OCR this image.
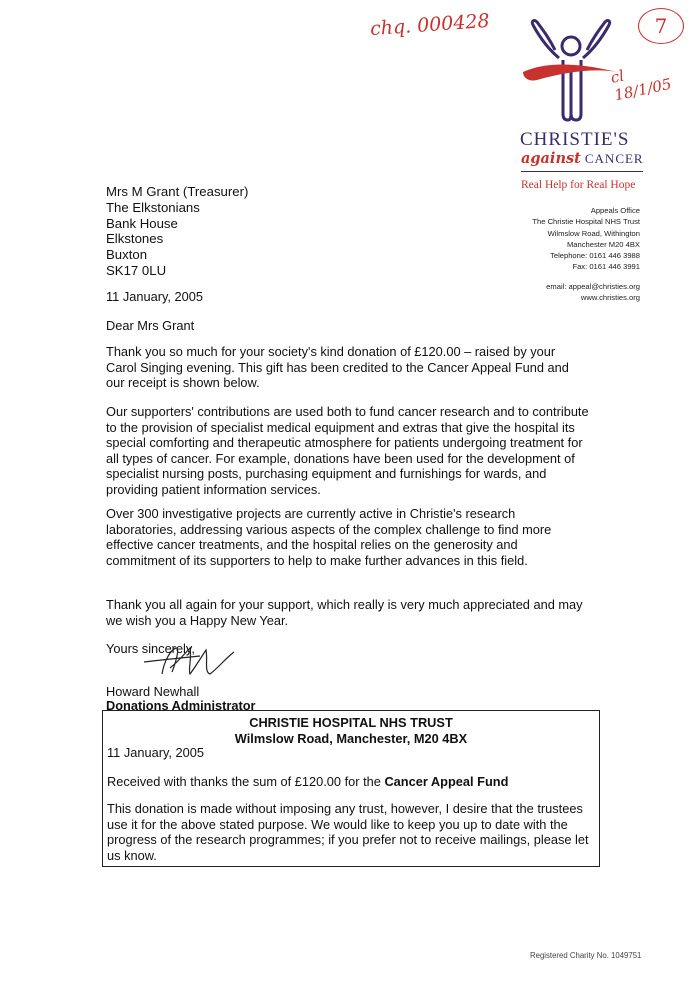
chq. 000428	7
cl 18/1/05
CHRISTIE'S
against CANCER
Real Help for Real Hope
Appeals Office
The Christie Hospital NHS Trust
Wilmslow Road, Withington
Manchester M20 4BX
Telephone: 0161 446 3988
Fax: 0161 446 3991
email: appeal@christies.org
www.christies.org
Mrs M Grant (Treasurer)
The Elkstonians
Bank House
Elkstones
Buxton
SK17 0LU
11 January, 2005
Dear Mrs Grant
Thank you so much for your society's kind donation of £120.00 – raised by your
Carol Singing evening. This gift has been credited to the Cancer Appeal Fund and
our receipt is shown below.
Our supporters' contributions are used both to fund cancer research and to contribute
to the provision of specialist medical equipment and extras that give the hospital its
special comforting and therapeutic atmosphere for patients undergoing treatment for
all types of cancer. For example, donations have been used for the development of
specialist nursing posts, purchasing equipment and furnishings for wards, and
providing patient information services.
Over 300 investigative projects are currently active in Christie's research
laboratories, addressing various aspects of the complex challenge to find more
effective cancer treatments, and the hospital relies on the generosity and
commitment of its supporters to help to make further advances in this field.
Thank you all again for your support, which really is very much appreciated and may
we wish you a Happy New Year.
Yours sincerely,
Howard Newhall
Donations Administrator
CHRISTIE HOSPITAL NHS TRUST
Wilmslow Road, Manchester, M20 4BX
11 January, 2005
Received with thanks the sum of £120.00 for the Cancer Appeal Fund
This donation is made without imposing any trust, however, I desire that the trustees
use it for the above stated purpose. We would like to keep you up to date with the
progress of the research programmes; if you prefer not to receive mailings, please let
us know.
Registered Charity No. 1049751
